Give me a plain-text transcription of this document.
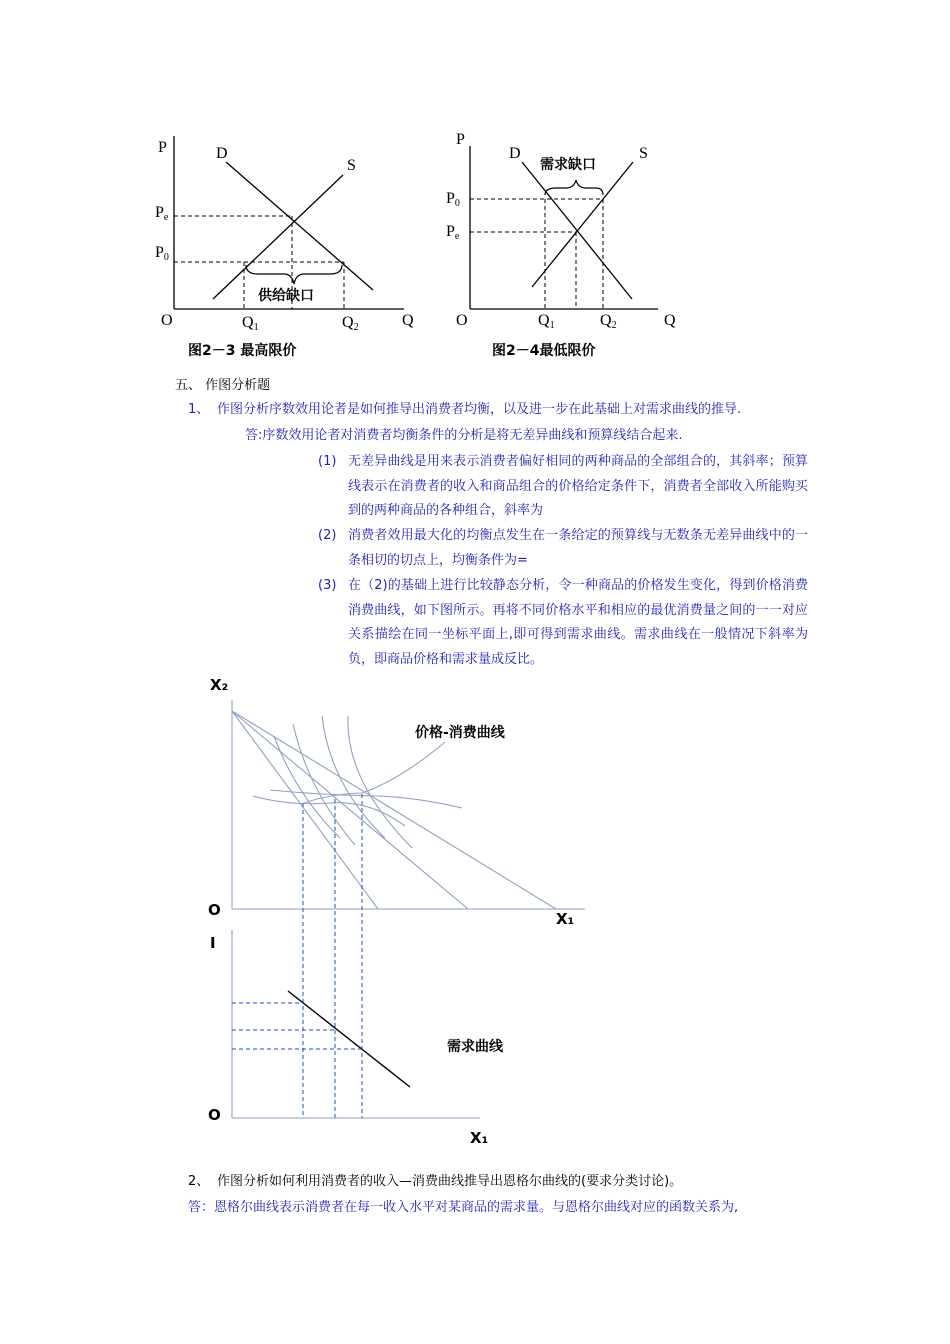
P	D
S
Pe
P0
O	Q1	Q2	Q
供给缺口
图2－3 最高限价
P
D	S
P0
Pe
O	Q1	Q2	Q
需求缺口
图2－4最低限价
五、 作图分析题
1、 作图分析序数效用论者是如何推导出消费者均衡，以及进一步在此基础上对需求曲线的推导.
答:序数效用论者对消费者均衡条件的分析是将无差异曲线和预算线结合起来.
(1) 无差异曲线是用来表示消费者偏好相同的两种商品的全部组合的，其斜率；预算线表示在消费者的收入和商品组合的价格给定条件下，消费者全部收入所能购买到的两种商品的各种组合，斜率为
(2) 消费者效用最大化的均衡点发生在一条给定的预算线与无数条无差异曲线中的一条相切的切点上，均衡条件为=
(3) 在（2)的基础上进行比较静态分析，令一种商品的价格发生变化，得到价格消费消费曲线，如下图所示。再将不同价格水平和相应的最优消费量之间的一一对应关系描绘在同一坐标平面上,即可得到需求曲线。需求曲线在一般情况下斜率为负，即商品价格和需求量成反比。
X₂
O	X₁
价格-消费曲线
I
O
X₁
需求曲线
2、 作图分析如何利用消费者的收入—消费曲线推导出恩格尔曲线的(要求分类讨论)。
答：恩格尔曲线表示消费者在每一收入水平对某商品的需求量。与恩格尔曲线对应的函数关系为,
